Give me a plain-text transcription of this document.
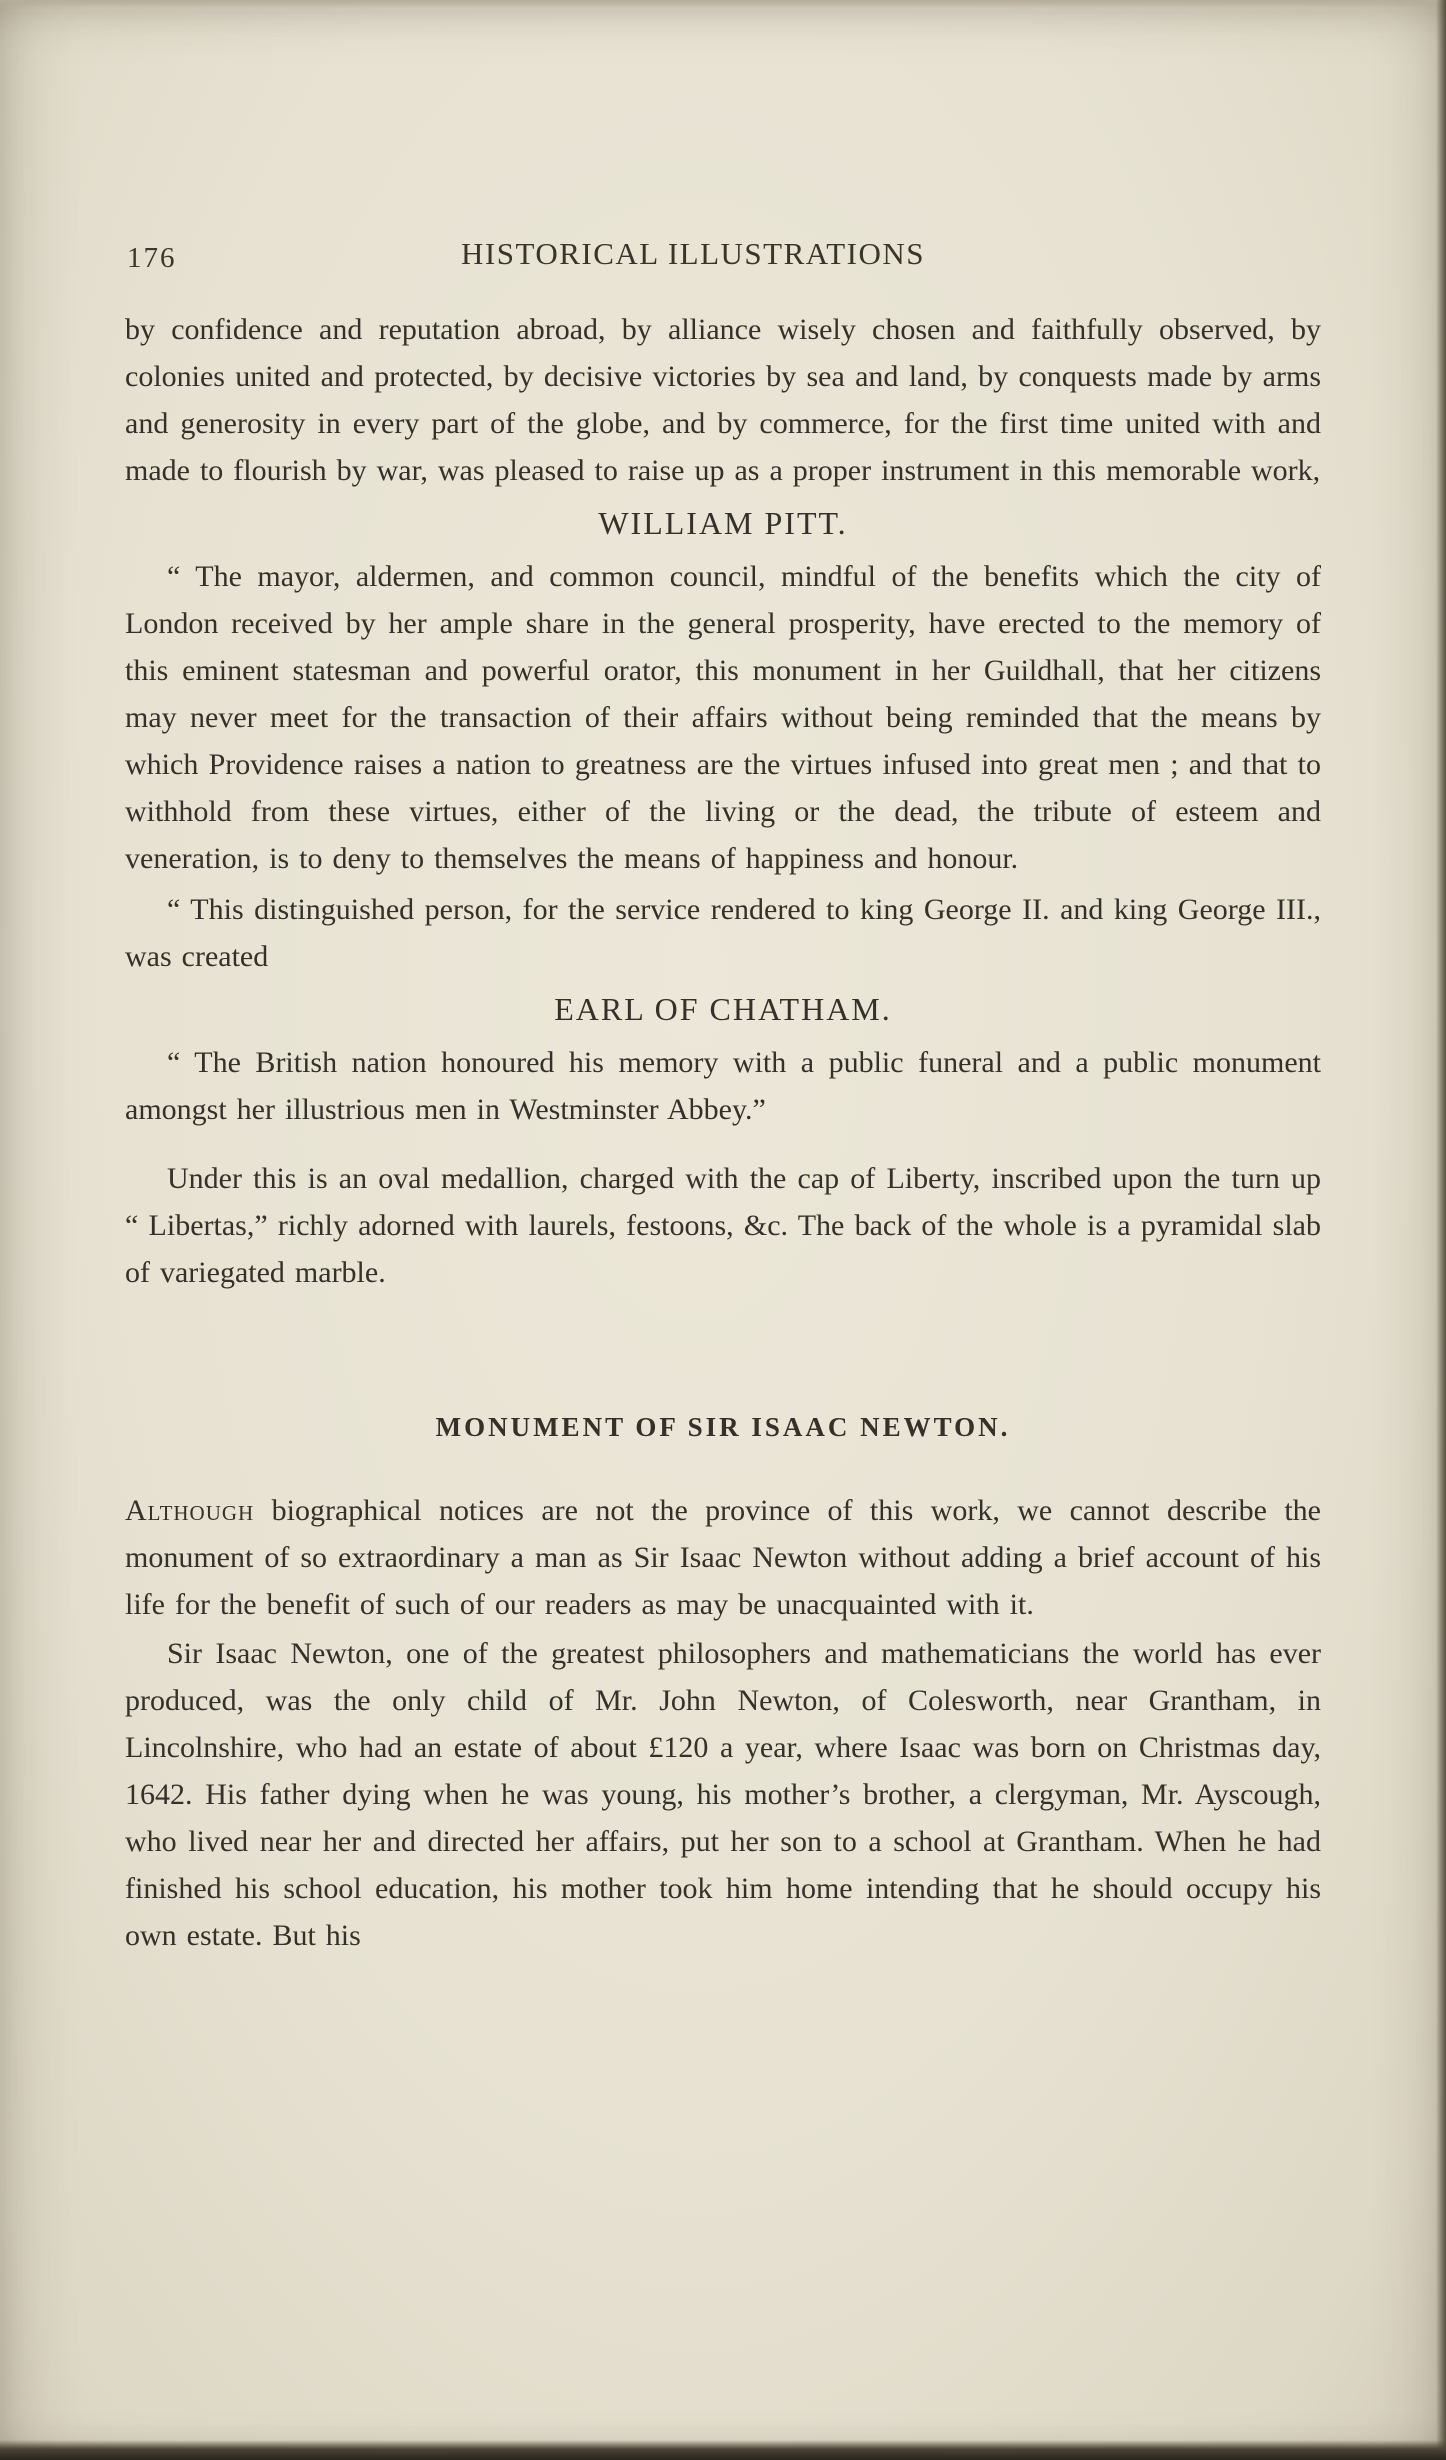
176	HISTORICAL ILLUSTRATIONS

by confidence and reputation abroad, by alliance wisely chosen and faithfully observed, by colonies united and protected, by decisive victories by sea and land, by conquests made by arms and generosity in every part of the globe, and by commerce, for the first time united with and made to flourish by war, was pleased to raise up as a proper instrument in this memorable work,

WILLIAM PITT.

“ The mayor, aldermen, and common council, mindful of the benefits which the city of London received by her ample share in the general prosperity, have erected to the memory of this eminent statesman and powerful orator, this monument in her Guildhall, that her citizens may never meet for the transaction of their affairs without being reminded that the means by which Providence raises a nation to greatness are the virtues infused into great men ; and that to withhold from these virtues, either of the living or the dead, the tribute of esteem and veneration, is to deny to themselves the means of happiness and honour.

“ This distinguished person, for the service rendered to king George II. and king George III., was created

EARL OF CHATHAM.

“ The British nation honoured his memory with a public funeral and a public monument amongst her illustrious men in Westminster Abbey.”

Under this is an oval medallion, charged with the cap of Liberty, inscribed upon the turn up “ Libertas,” richly adorned with laurels, festoons, &c. The back of the whole is a pyramidal slab of variegated marble.

MONUMENT OF SIR ISAAC NEWTON.

Although biographical notices are not the province of this work, we cannot describe the monument of so extraordinary a man as Sir Isaac Newton without adding a brief account of his life for the benefit of such of our readers as may be unacquainted with it.

Sir Isaac Newton, one of the greatest philosophers and mathematicians the world has ever produced, was the only child of Mr. John Newton, of Colesworth, near Grantham, in Lincolnshire, who had an estate of about £120 a year, where Isaac was born on Christmas day, 1642. His father dying when he was young, his mother’s brother, a clergyman, Mr. Ayscough, who lived near her and directed her affairs, put her son to a school at Grantham. When he had finished his school education, his mother took him home intending that he should occupy his own estate. But his
